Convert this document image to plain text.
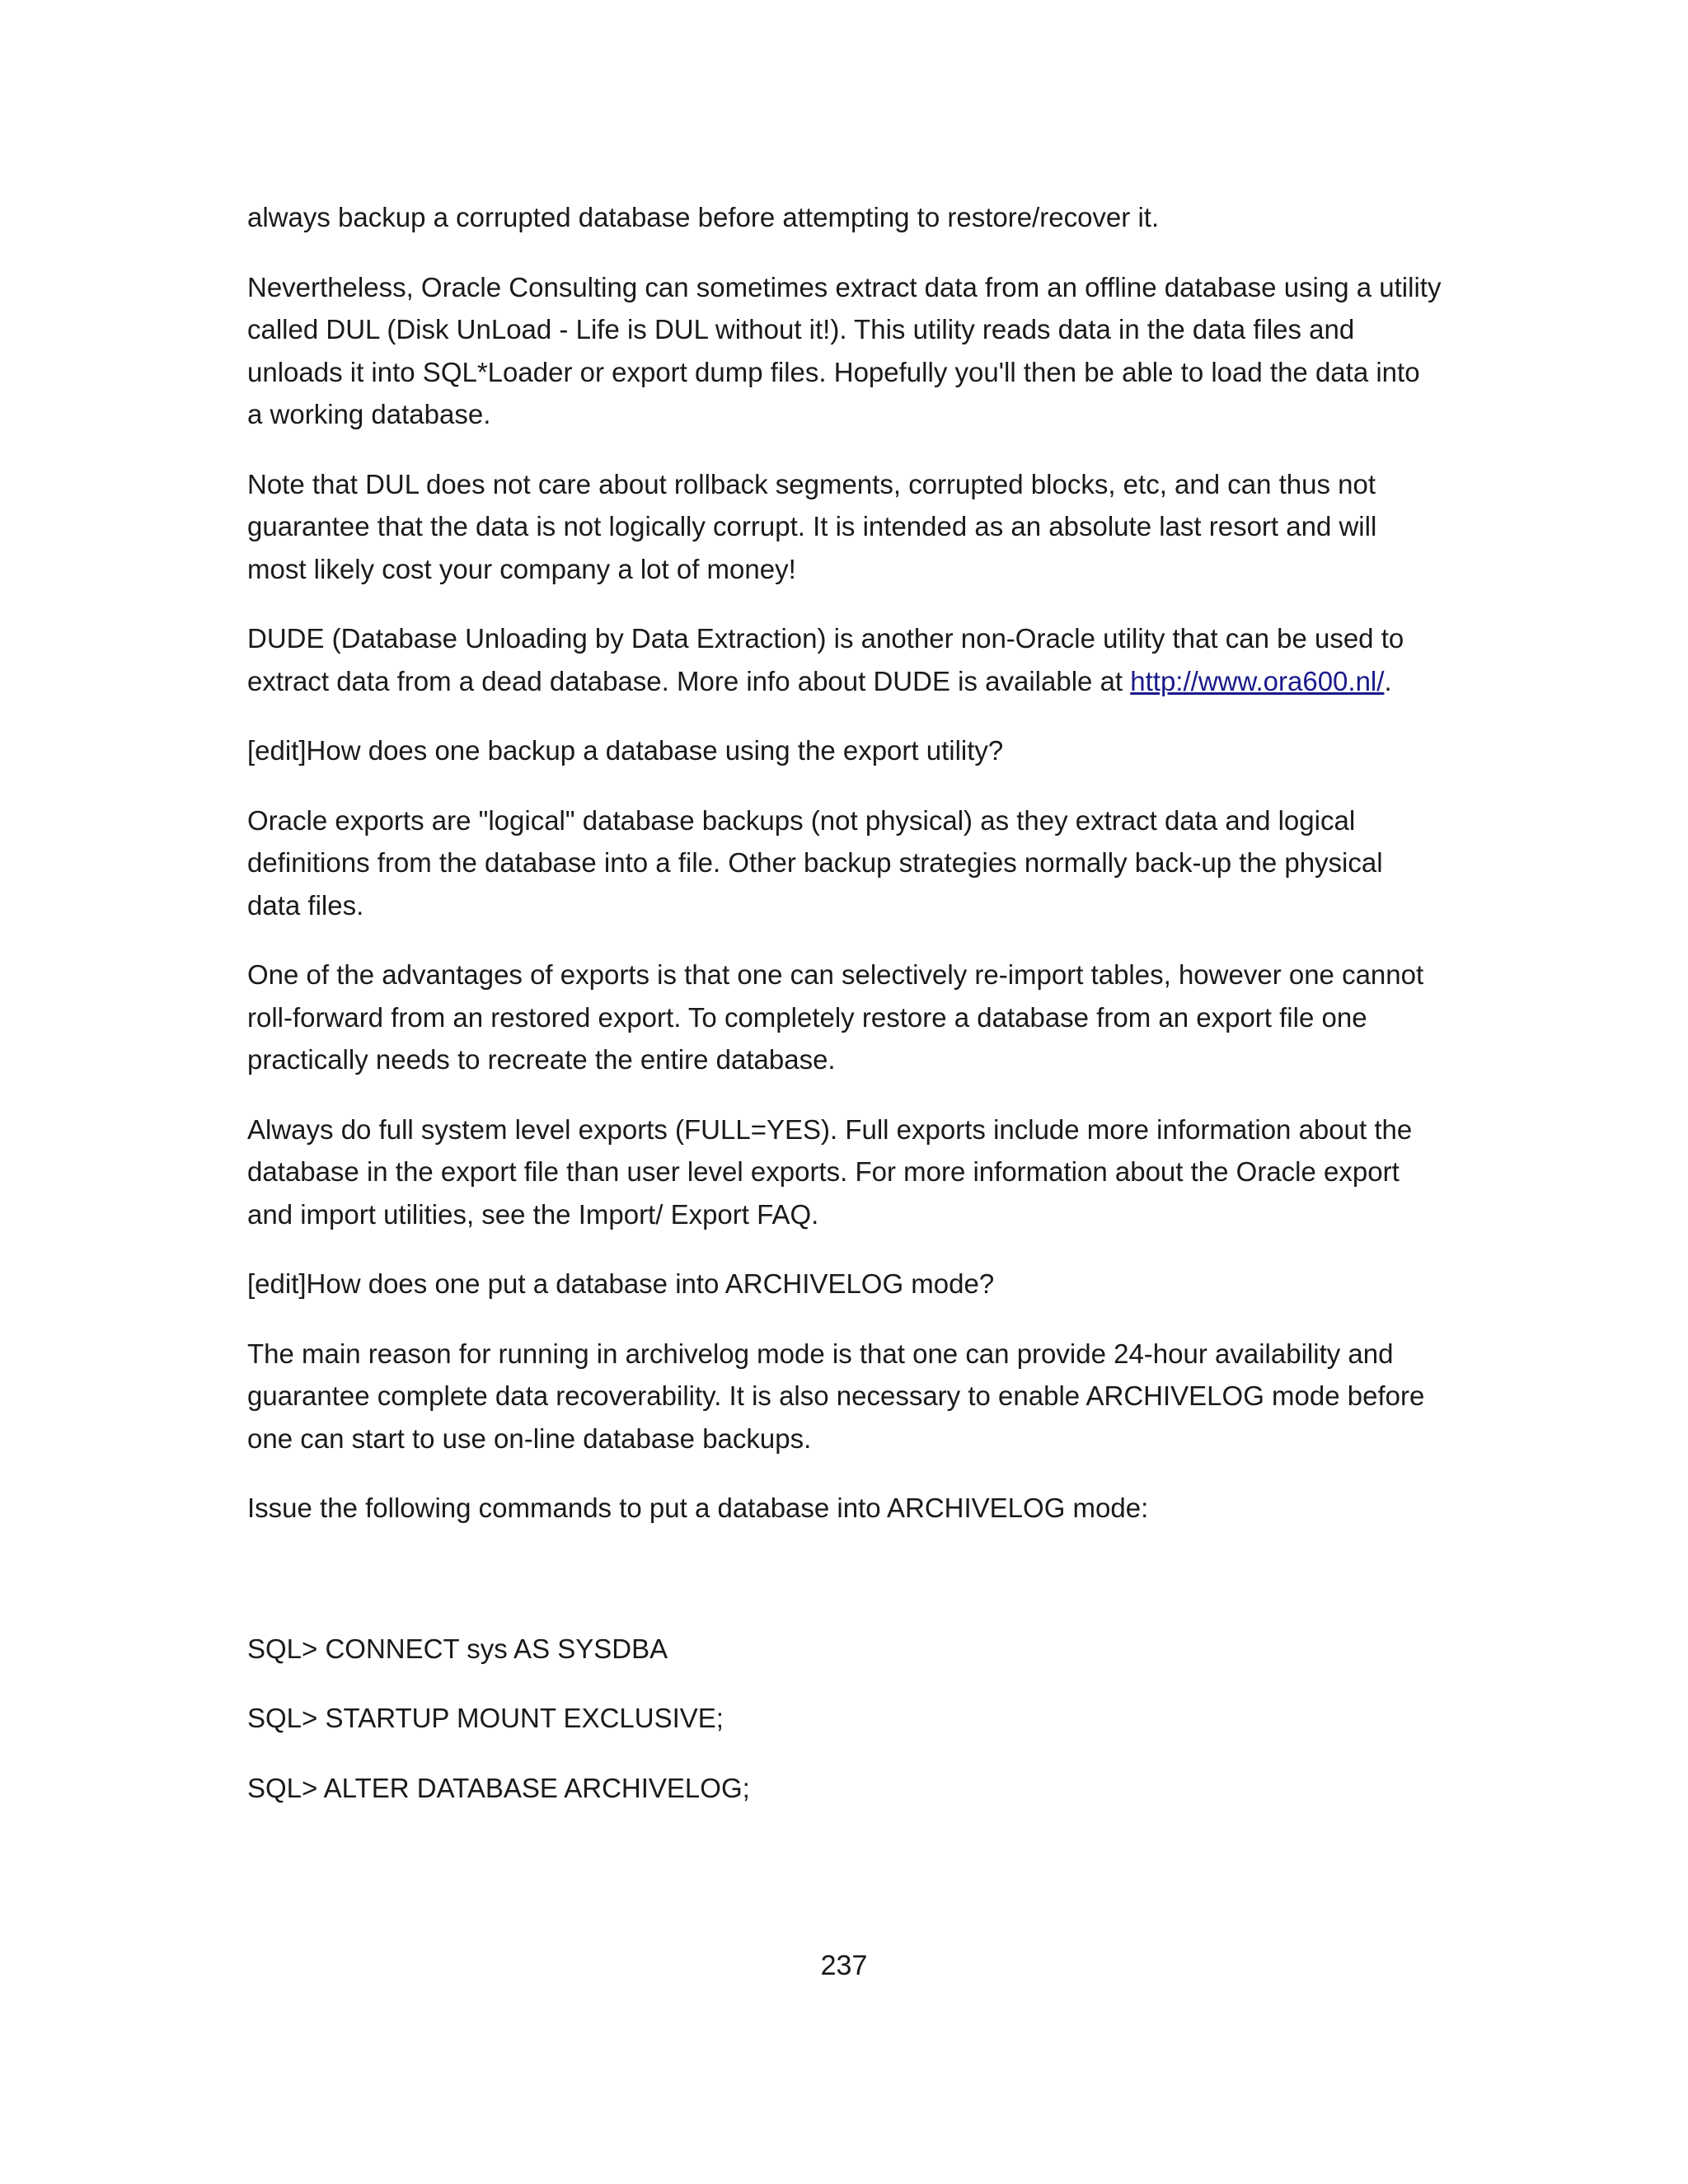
always backup a corrupted database before attempting to restore/recover it.

Nevertheless, Oracle Consulting can sometimes extract data from an offline database using a utility called DUL (Disk UnLoad - Life is DUL without it!). This utility reads data in the data files and unloads it into SQL*Loader or export dump files. Hopefully you'll then be able to load the data into a working database.

Note that DUL does not care about rollback segments, corrupted blocks, etc, and can thus not guarantee that the data is not logically corrupt. It is intended as an absolute last resort and will most likely cost your company a lot of money!

DUDE (Database Unloading by Data Extraction) is another non-Oracle utility that can be used to extract data from a dead database. More info about DUDE is available at http://www.ora600.nl/.

[edit]How does one backup a database using the export utility?

Oracle exports are "logical" database backups (not physical) as they extract data and logical definitions from the database into a file. Other backup strategies normally back-up the physical data files.

One of the advantages of exports is that one can selectively re-import tables, however one cannot roll-forward from an restored export. To completely restore a database from an export file one practically needs to recreate the entire database.

Always do full system level exports (FULL=YES). Full exports include more information about the database in the export file than user level exports. For more information about the Oracle export and import utilities, see the Import/ Export FAQ.

[edit]How does one put a database into ARCHIVELOG mode?

The main reason for running in archivelog mode is that one can provide 24-hour availability and guarantee complete data recoverability. It is also necessary to enable ARCHIVELOG mode before one can start to use on-line database backups.

Issue the following commands to put a database into ARCHIVELOG mode:

SQL> CONNECT sys AS SYSDBA

SQL> STARTUP MOUNT EXCLUSIVE;

SQL> ALTER DATABASE ARCHIVELOG;

237
